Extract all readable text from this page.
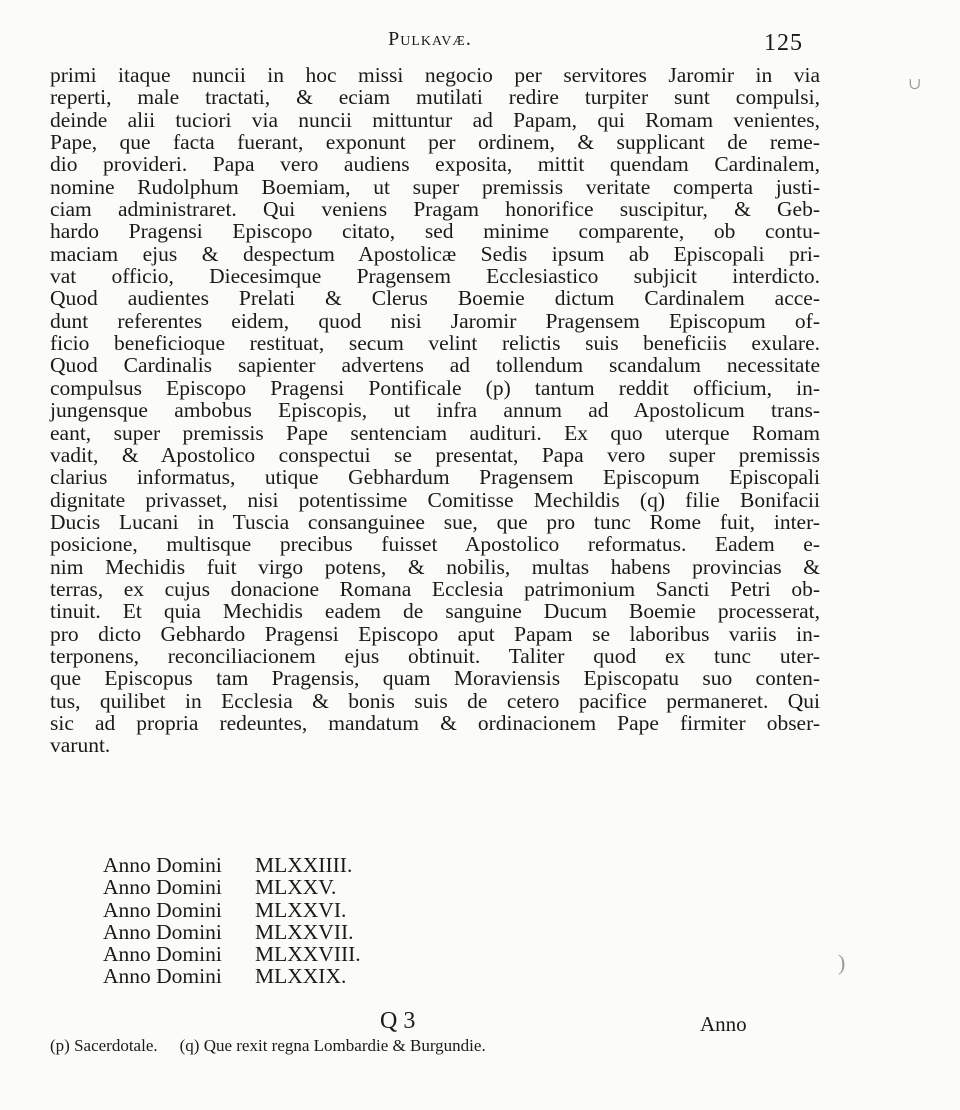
Pulkavæ.	125
primi itaque nuncii in hoc missi negocio per servitores Jaromir in via
reperti, male tractati, & eciam mutilati redire turpiter sunt compulsi,
deinde alii tuciori via nuncii mittuntur ad Papam, qui Romam venientes,
Pape, que facta fuerant, exponunt per ordinem, & supplicant de reme-
dio provideri. Papa vero audiens exposita, mittit quendam Cardinalem,
nomine Rudolphum Boemiam, ut super premissis veritate comperta justi-
ciam administraret. Qui veniens Pragam honorifice suscipitur, & Geb-
hardo Pragensi Episcopo citato, sed minime comparente, ob contu-
maciam ejus & despectum Apostolicæ Sedis ipsum ab Episcopali pri-
vat officio, Diecesimque Pragensem Ecclesiastico subjicit interdicto.
Quod audientes Prelati & Clerus Boemie dictum Cardinalem acce-
dunt referentes eidem, quod nisi Jaromir Pragensem Episcopum of-
ficio beneficioque restituat, secum velint relictis suis beneficiis exulare.
Quod Cardinalis sapienter advertens ad tollendum scandalum necessitate
compulsus Episcopo Pragensi Pontificale (p) tantum reddit officium, in-
jungensque ambobus Episcopis, ut infra annum ad Apostolicum trans-
eant, super premissis Pape sentenciam audituri. Ex quo uterque Romam
vadit, & Apostolico conspectui se presentat, Papa vero super premissis
clarius informatus, utique Gebhardum Pragensem Episcopum Episcopali
dignitate privasset, nisi potentissime Comitisse Mechildis (q) filie Bonifacii
Ducis Lucani in Tuscia consanguinee sue, que pro tunc Rome fuit, inter-
posicione, multisque precibus fuisset Apostolico reformatus. Eadem e-
nim Mechidis fuit virgo potens, & nobilis, multas habens provincias &
terras, ex cujus donacione Romana Ecclesia patrimonium Sancti Petri ob-
tinuit. Et quia Mechidis eadem de sanguine Ducum Boemie processerat,
pro dicto Gebhardo Pragensi Episcopo aput Papam se laboribus variis in-
terponens, reconciliacionem ejus obtinuit. Taliter quod ex tunc uter-
que Episcopus tam Pragensis, quam Moraviensis Episcopatu suo conten-
tus, quilibet in Ecclesia & bonis suis de cetero pacifice permaneret. Qui
sic ad propria redeuntes, mandatum & ordinacionem Pape firmiter obser-
varunt.
Anno Domini MLXXIIII.
Anno Domini MLXXV.
Anno Domini MLXXVI.
Anno Domini MLXXVII.
Anno Domini MLXXVIII.
Anno Domini MLXXIX.
Q 3	Anno
(p) Sacerdotale. (q) Que rexit regna Lombardie & Burgundie.
∪
)
